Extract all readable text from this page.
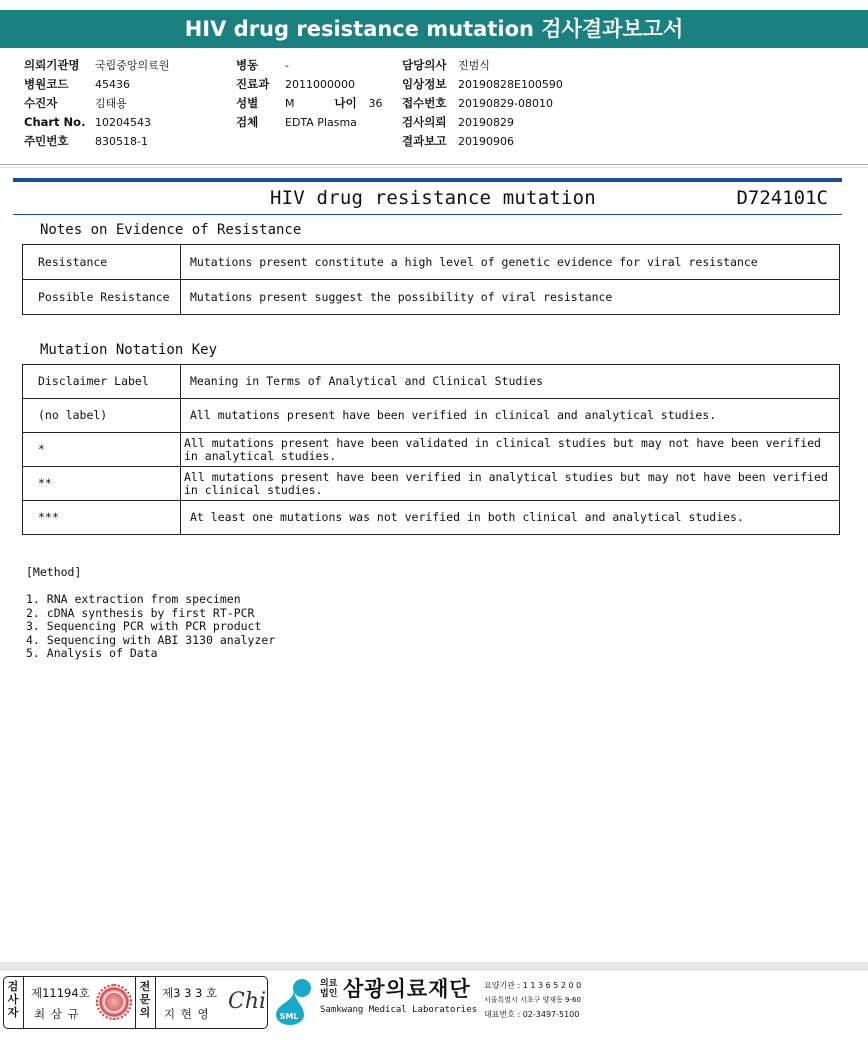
HIV drug resistance mutation 검사결과보고서
의뢰기관명 국립중앙의료원
병원코드 45436
수진자	김태용
Chart No. 10204543
주민번호 830518-1
병동 -
진료과 2011000000
성별 M	나이 36
검체 EDTA Plasma
담당의사 진범식
임상정보 20190828E100590
접수번호 20190829-08010
검사의뢰 20190829
결과보고 20190906
HIV drug resistance mutation	D724101C
Notes on Evidence of Resistance
Resistance	Mutations present constitute a high level of genetic evidence for viral resistance
Possible Resistance	Mutations present suggest the possibility of viral resistance
Mutation Notation Key
Disclaimer Label	Meaning in Terms of Analytical and Clinical Studies
(no label)	All mutations present have been verified in clinical and analytical studies.
*	All mutations present have been validated in clinical studies but may not have been verified in analytical studies.
**	All mutations present have been verified in analytical studies but may not have been verified in clinical studies.
***	At least one mutations was not verified in both clinical and analytical studies.
[Method]
1. RNA extraction from specimen
2. cDNA synthesis by first RT-PCR
3. Sequencing PCR with PCR product
4. Sequencing with ABI 3130 analyzer
5. Analysis of Data
검
사
자
제11194호
최 삼 규
전
문
의
제3 3 3 호
지 현 영 Chi
SML
의료
법인 삼광의료재단
Samkwang Medical Laboratories
요양기관 : 1 1 3 6 5 2 0 0
서울특별시 서초구 양재동 9-60
대표번호 : 02-3497-5100
